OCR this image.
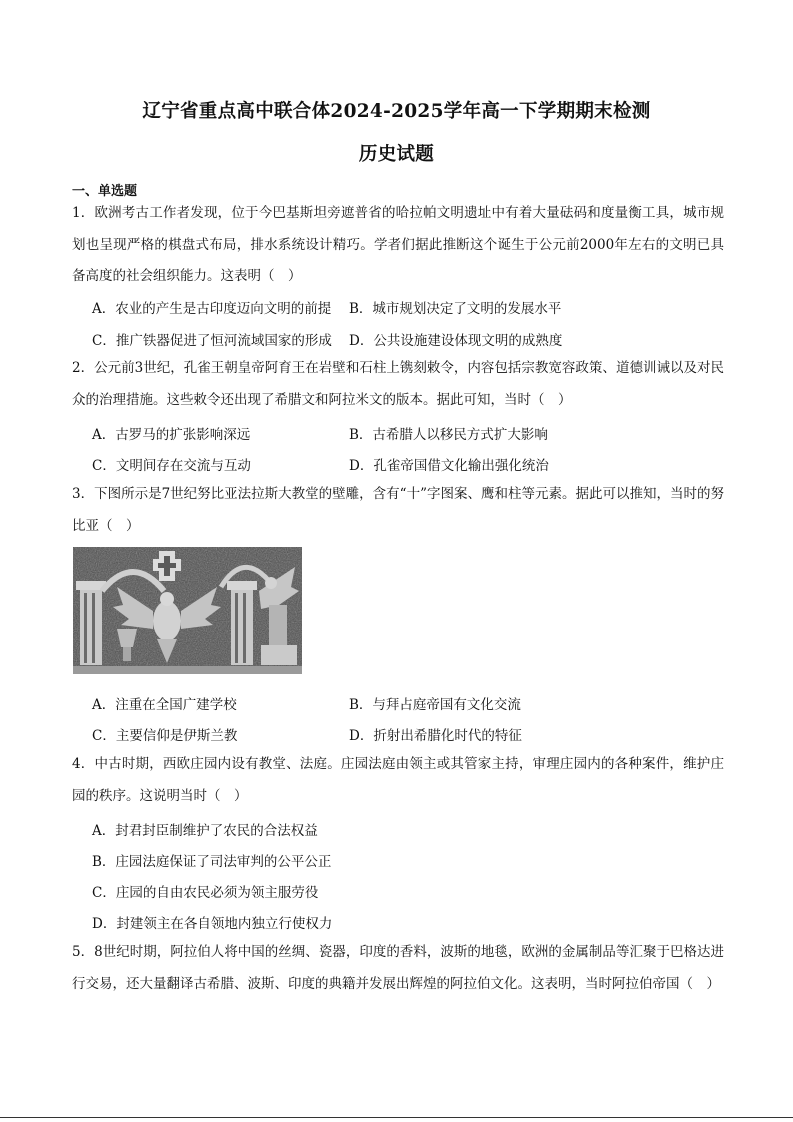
辽宁省重点高中联合体2024-2025学年高一下学期期末检测
历史试题
一、单选题
1．欧洲考古工作者发现，位于今巴基斯坦旁遮普省的哈拉帕文明遗址中有着大量砝码和度量衡工具，城市规划也呈现严格的棋盘式布局，排水系统设计精巧。学者们据此推断这个诞生于公元前2000年左右的文明已具备高度的社会组织能力。这表明（　）
A．农业的产生是古印度迈向文明的前提 B．城市规划决定了文明的发展水平
C．推广铁器促进了恒河流域国家的形成 D．公共设施建设体现文明的成熟度
2．公元前3世纪，孔雀王朝皇帝阿育王在岩壁和石柱上镌刻敕令，内容包括宗教宽容政策、道德训诫以及对民众的治理措施。这些敕令还出现了希腊文和阿拉米文的版本。据此可知，当时（　）
A．古罗马的扩张影响深远	B．古希腊人以移民方式扩大影响
C．文明间存在交流与互动	D．孔雀帝国借文化输出强化统治
3．下图所示是7世纪努比亚法拉斯大教堂的壁雕，含有“十”字图案、鹰和柱等元素。据此可以推知，当时的努比亚（　）
A．注重在全国广建学校	B．与拜占庭帝国有文化交流
C．主要信仰是伊斯兰教	D．折射出希腊化时代的特征
4．中古时期，西欧庄园内设有教堂、法庭。庄园法庭由领主或其管家主持，审理庄园内的各种案件，维护庄园的秩序。这说明当时（　）
A．封君封臣制维护了农民的合法权益
B．庄园法庭保证了司法审判的公平公正
C．庄园的自由农民必须为领主服劳役
D．封建领主在各自领地内独立行使权力
5．8世纪时期，阿拉伯人将中国的丝绸、瓷器，印度的香料，波斯的地毯，欧洲的金属制品等汇聚于巴格达进行交易，还大量翻译古希腊、波斯、印度的典籍并发展出辉煌的阿拉伯文化。这表明，当时阿拉伯帝国（　）
